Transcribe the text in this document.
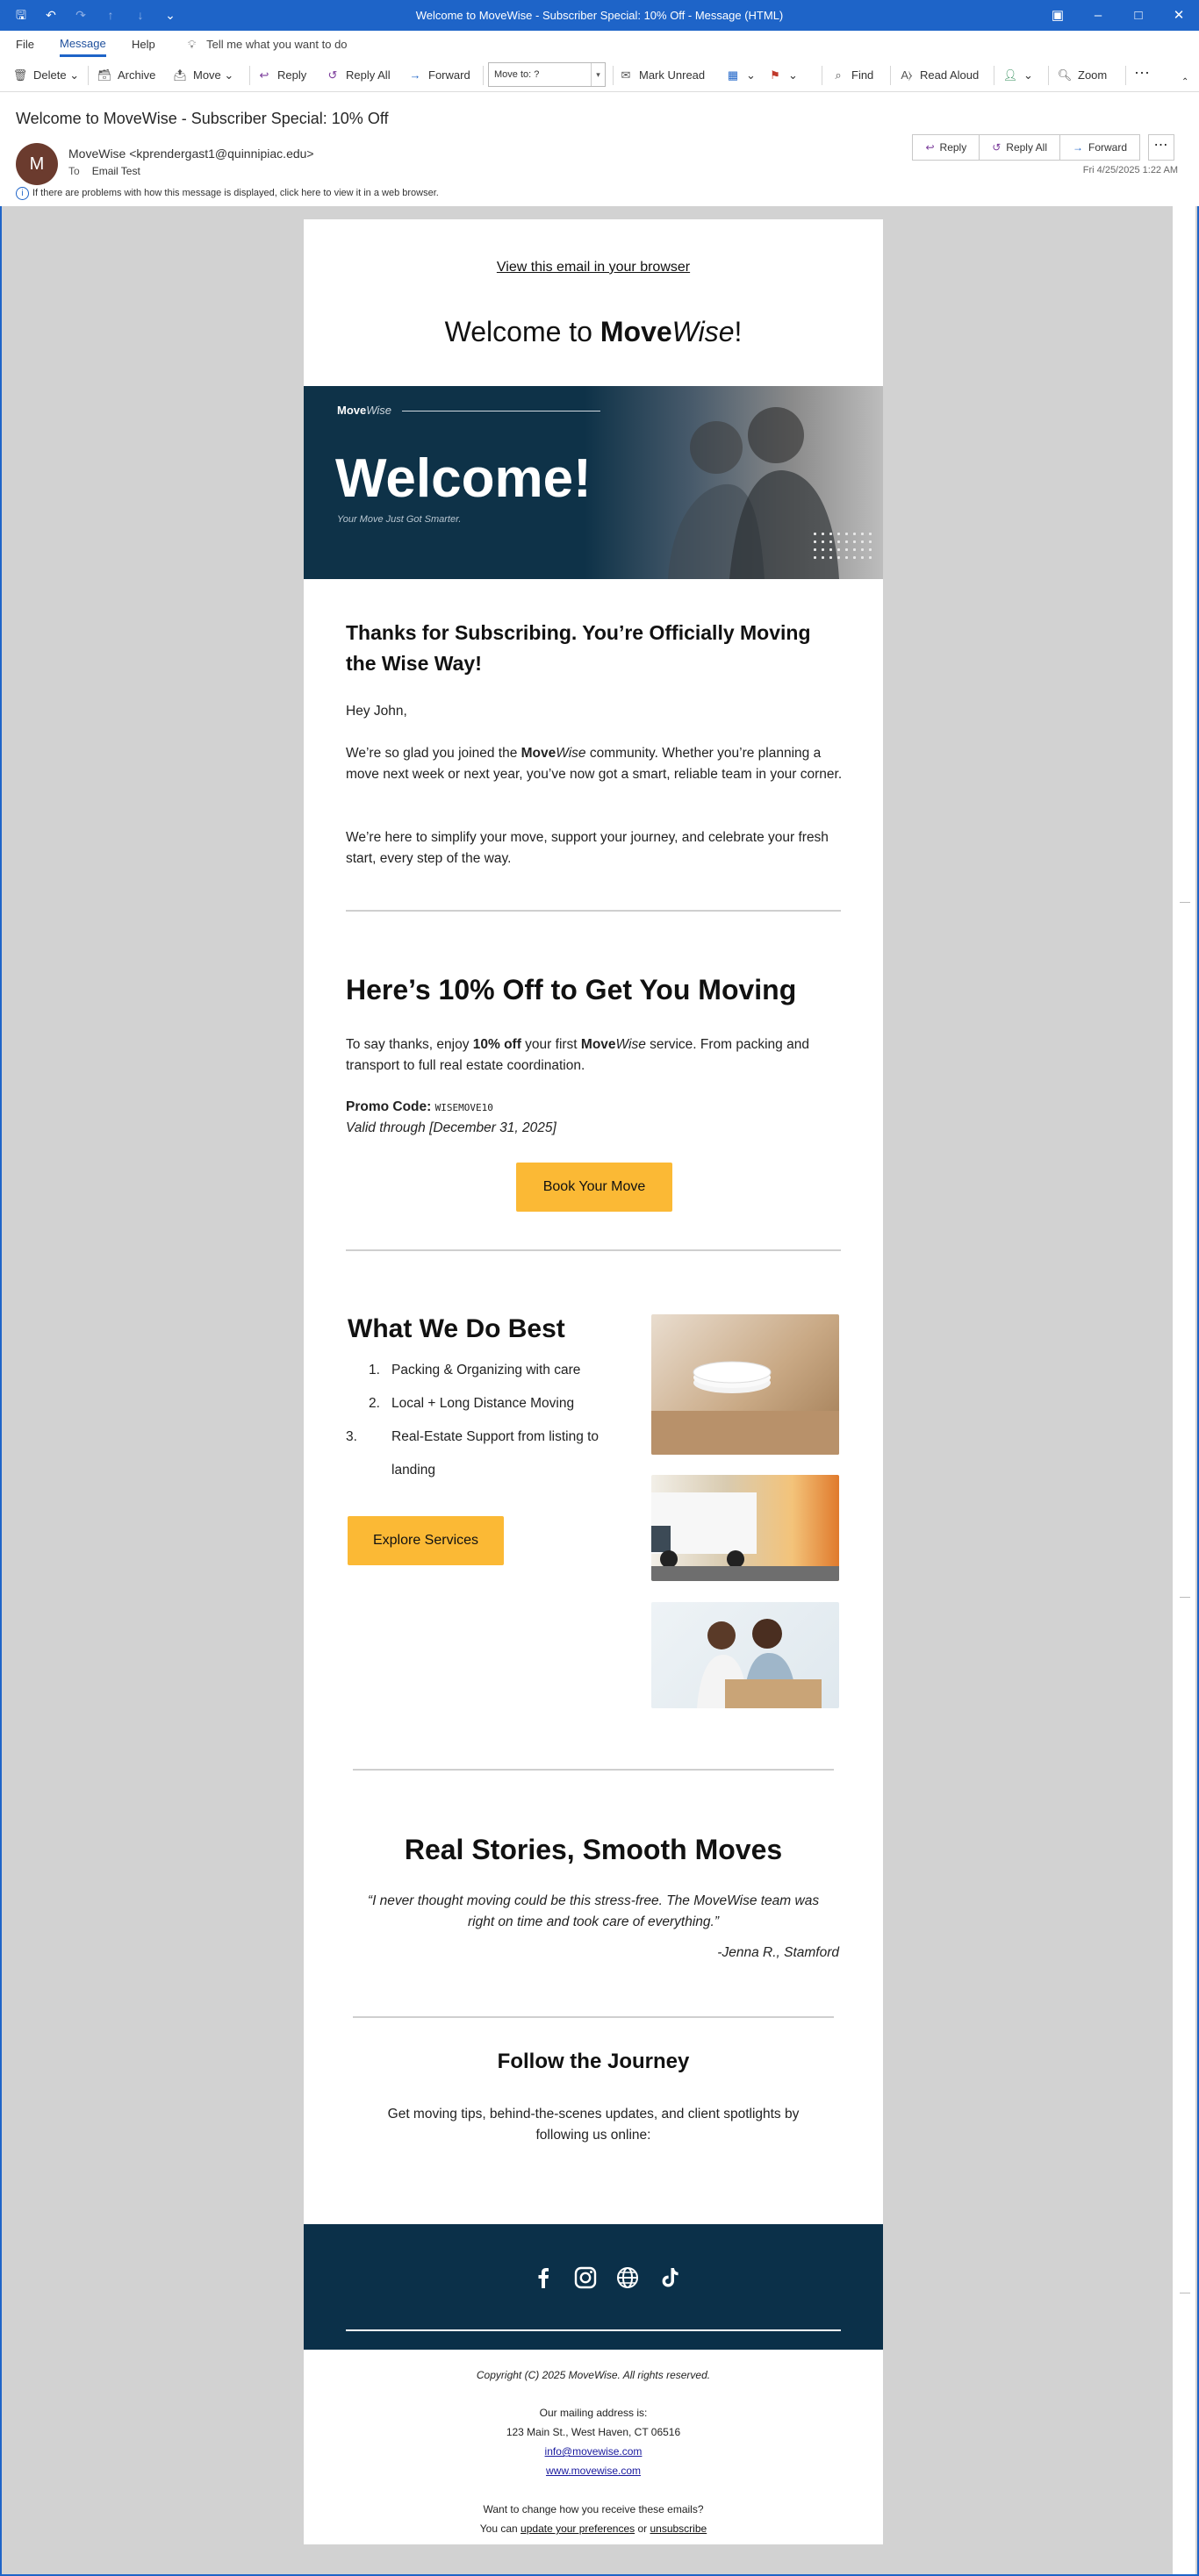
🖫 ↶ ↷	↑	↓	⌄	Welcome to MoveWise - Subscriber Special: 10% Off - Message (HTML)	▣	–	□	✕
File Message Help	💡︎ Tell me what you want to do
🗑︎ Delete ⌄ 🗃︎ Archive 📤︎ Move ⌄ ↩ Reply ↺ Reply All → Forward	✉ Mark Unread ▦ ⌄ ⚑ ⌄	⌕ Find A⧽ Read Aloud 👤︎ ⌄ 🔍︎ Zoom ⋯
⌃
Move to: ?	▾
Welcome to MoveWise - Subscriber Special: 10% Off
M
MoveWise <kprendergast1@quinnipiac.edu>
To Email Test
↩ Reply	↺ Reply All	→ Forward	⋯
Fri 4/25/2025 1:22 AM
i If there are problems with how this message is displayed, click here to view it in a web browser.
View this email in your browser
Welcome to MoveWise!
MoveWise
Welcome!
Your Move Just Got Smarter.
Thanks for Subscribing. You’re Officially Moving the Wise Way!
Hey John,
We’re so glad you joined the MoveWise community. Whether you’re planning a move next week or next year, you’ve now got a smart, reliable team in your corner.
We’re here to simplify your move, support your journey, and celebrate your fresh start, every step of the way.
Here’s 10% Off to Get You Moving
To say thanks, enjoy 10% off your first MoveWise service. From packing and transport to full real estate coordination.
Promo Code: WISEMOVE10
Valid through [December 31, 2025]
Book Your Move
What We Do Best
1. Packing & Organizing with care
2. Local + Long Distance Moving
3.	Real-Estate Support from listing to landing
Explore Services
Real Stories, Smooth Moves
“I never thought moving could be this stress-free. The MoveWise team was right on time and took care of everything.”
-Jenna R., Stamford
Follow the Journey
Get moving tips, behind-the-scenes updates, and client spotlights by following us online:
Copyright (C) 2025 MoveWise. All rights reserved.
Our mailing address is:
123 Main St., West Haven, CT 06516
info@movewise.com
www.movewise.com
Want to change how you receive these emails?
You can update your preferences or unsubscribe
